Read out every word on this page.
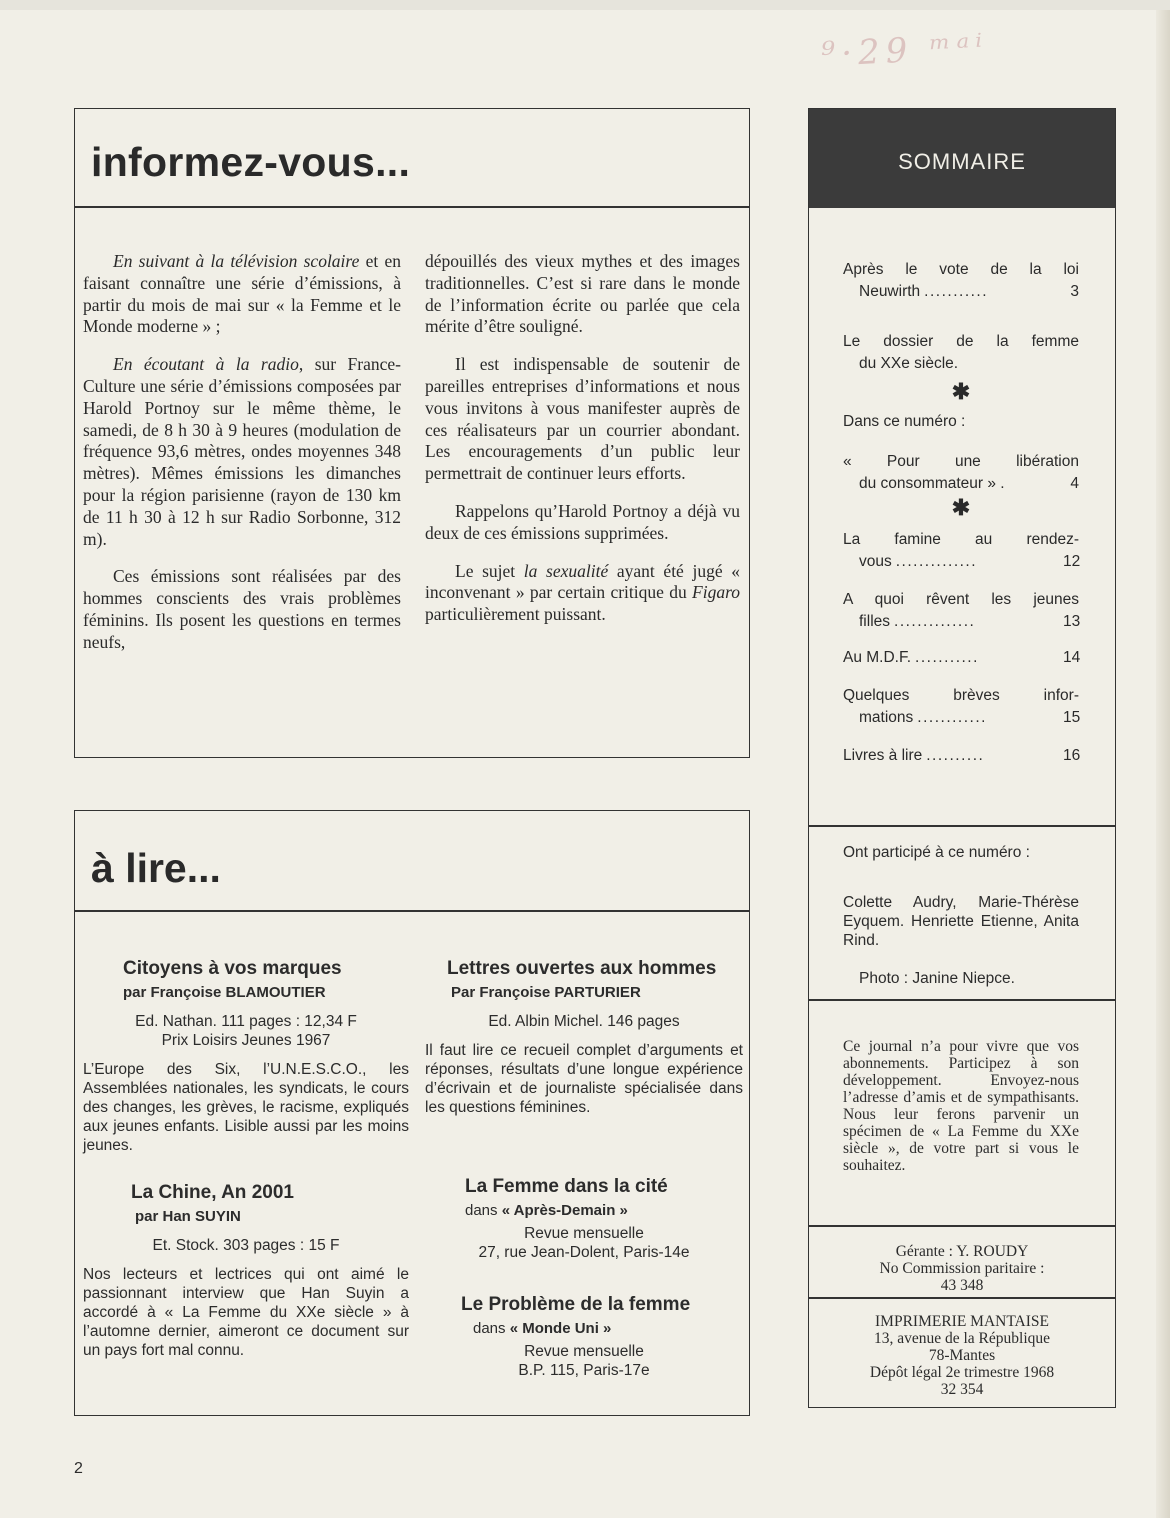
⁹·29 ᵐᵃⁱ
informez-vous...

En suivant à la télévision scolaire et en faisant connaître une série d’émissions, à partir du mois de mai sur « la Femme et le Monde moderne » ;

En écoutant à la radio, sur France-Culture une série d’émissions composées par Harold Portnoy sur le même thème, le samedi, de 8 h 30 à 9 heures (modulation de fréquence 93,6 mètres, ondes moyennes 348 mètres). Mêmes émissions les dimanches pour la région parisienne (rayon de 130 km de 11 h 30 à 12 h sur Radio Sorbonne, 312 m).

Ces émissions sont réalisées par des hommes conscients des vrais problèmes féminins. Ils posent les questions en termes neufs,

dépouillés des vieux mythes et des images traditionnelles. C’est si rare dans le monde de l’information écrite ou parlée que cela mérite d’être souligné.

Il est indispensable de soutenir de pareilles entreprises d’informations et nous vous invitons à vous manifester auprès de ces réalisateurs par un courrier abondant. Les encouragements d’un public leur permettrait de continuer leurs efforts.

Rappelons qu’Harold Portnoy a déjà vu deux de ces émissions supprimées.

Le sujet la sexualité ayant été jugé « inconvenant » par certain critique du Figaro particulièrement puissant.

à lire...
Citoyens à vos marques
par Françoise BLAMOUTIER
Ed. Nathan. 111 pages : 12,34 F
Prix Loisirs Jeunes 1967
L’Europe des Six, l’U.N.E.S.C.O., les Assemblées nationales, les syndicats, le cours des changes, les grèves, le racisme, expliqués aux jeunes enfants. Lisible aussi par les moins jeunes.
Lettres ouvertes aux hommes
Par Françoise PARTURIER
Ed. Albin Michel. 146 pages
Il faut lire ce recueil complet d’arguments et réponses, résultats d’une longue expérience d’écrivain et de journaliste spécialisée dans les questions féminines.
La Chine, An 2001
par Han SUYIN
Et. Stock. 303 pages : 15 F
Nos lecteurs et lectrices qui ont aimé le passionnant interview que Han Suyin a accordé à « La Femme du XXe siècle » à l’automne dernier, aimeront ce document sur un pays fort mal connu.
La Femme dans la cité
dans « Après-Demain »
Revue mensuelle
27, rue Jean-Dolent, Paris-14e
Le Problème de la femme
dans « Monde Uni »
Revue mensuelle
B.P. 115, Paris-17e
SOMMAIRE
Après le vote de la loi
Neuwirth ...........	3
Le dossier de la femme
du XXe siècle.
✱
Dans ce numéro :
« Pour une libération
du consommateur » .	4
✱
La famine au rendez-
vous ..............	12
A quoi rêvent les jeunes
filles ..............	13
Au M.D.F. ...........	14
Quelques brèves infor-
mations ............	15
Livres à lire ..........	16
Ont participé à ce numéro :
Colette Audry, Marie-Thérèse Eyquem. Henriette Etienne, Anita Rind.
Photo : Janine Niepce.
Ce journal n’a pour vivre que vos abonnements. Participez à son développement. Envoyez-nous l’adresse d’amis et de sympathisants. Nous leur ferons parvenir un spécimen de « La Femme du XXe siècle », de votre part si vous le souhaitez.
Gérante : Y. ROUDY
No Commission paritaire :
43 348
IMPRIMERIE MANTAISE
13, avenue de la République
78-Mantes
Dépôt légal 2e trimestre 1968
32 354
2
